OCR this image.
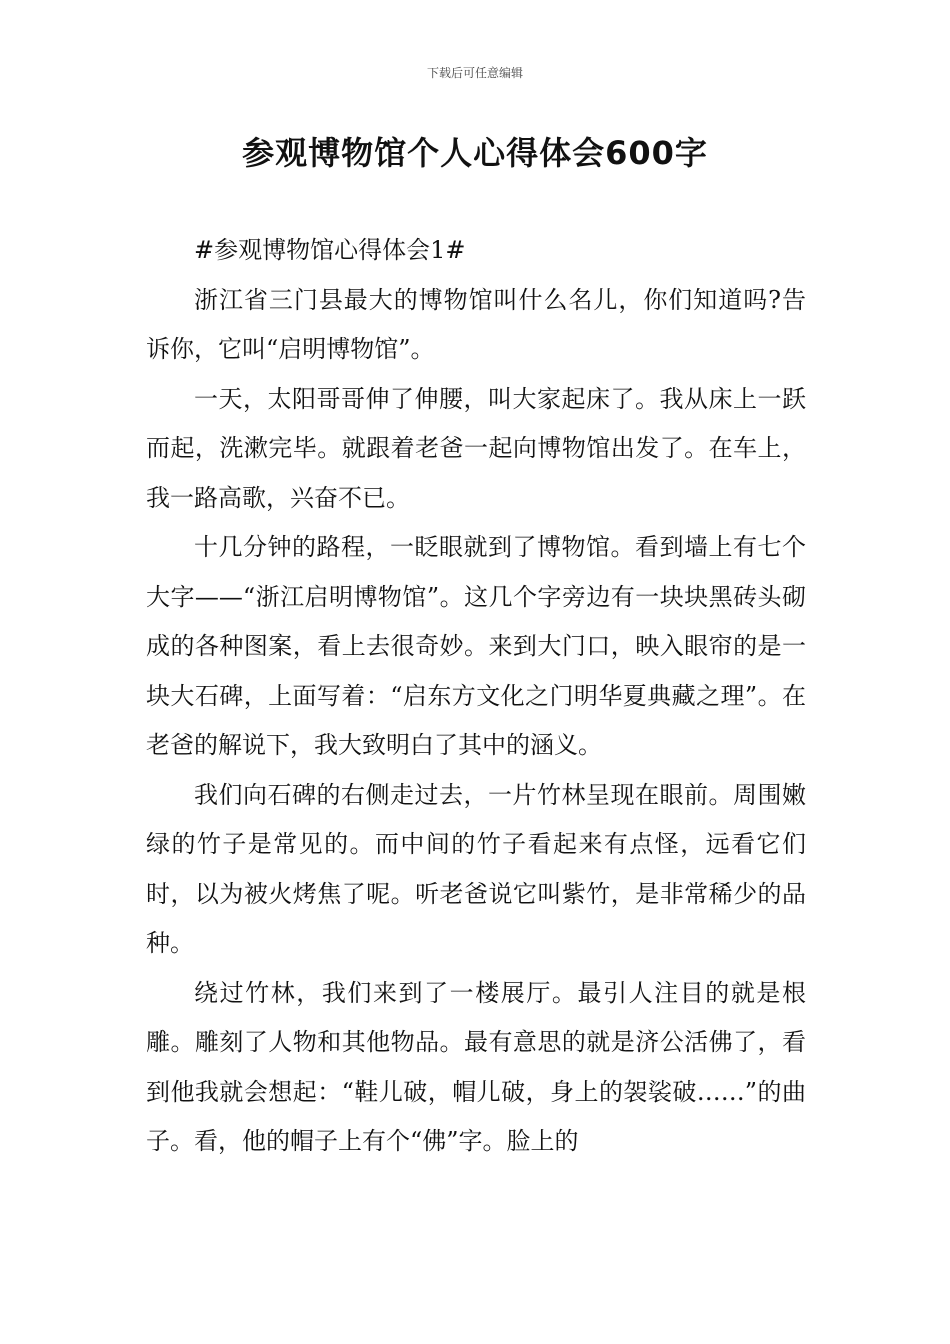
下载后可任意编辑
参观博物馆个人心得体会600字

#参观博物馆心得体会1#

浙江省三门县最大的博物馆叫什么名儿，你们知道吗?告诉你，它叫“启明博物馆”。

一天，太阳哥哥伸了伸腰，叫大家起床了。我从床上一跃而起，洗漱完毕。就跟着老爸一起向博物馆出发了。在车上，我一路高歌，兴奋不已。

十几分钟的路程，一眨眼就到了博物馆。看到墙上有七个大字——“浙江启明博物馆”。这几个字旁边有一块块黑砖头砌成的各种图案，看上去很奇妙。来到大门口，映入眼帘的是一块大石碑，上面写着：“启东方文化之门明华夏典藏之理”。在老爸的解说下，我大致明白了其中的涵义。

我们向石碑的右侧走过去，一片竹林呈现在眼前。周围嫩绿的竹子是常见的。而中间的竹子看起来有点怪，远看它们时，以为被火烤焦了呢。听老爸说它叫紫竹，是非常稀少的品种。

绕过竹林，我们来到了一楼展厅。最引人注目的就是根雕。雕刻了人物和其他物品。最有意思的就是济公活佛了，看到他我就会想起：“鞋儿破，帽儿破，身上的袈裟破……”的曲子。看，他的帽子上有个“佛”字。脸上的
